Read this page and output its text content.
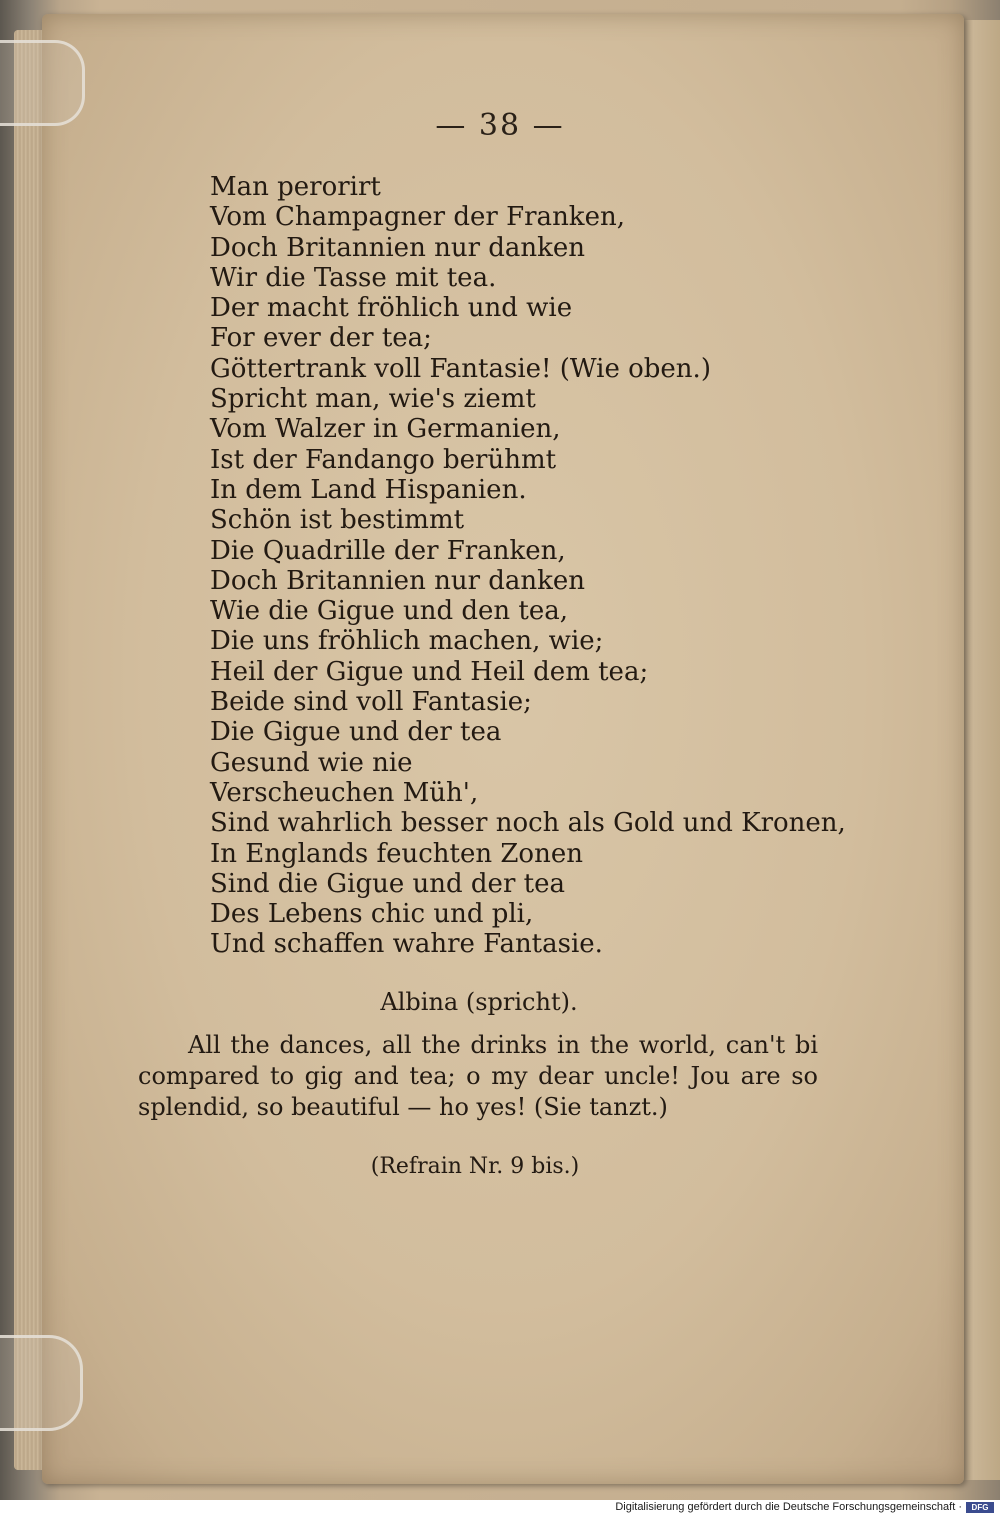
— 38 —
Man perorirt
Vom Champagner der Franken,
Doch Britannien nur danken
Wir die Tasse mit tea.
Der macht fröhlich und wie
For ever der tea;
Göttertrank voll Fantasie! (Wie oben.)
Spricht man, wie's ziemt
Vom Walzer in Germanien,
Ist der Fandango berühmt
In dem Land Hispanien.
Schön ist bestimmt
Die Quadrille der Franken,
Doch Britannien nur danken
Wie die Gigue und den tea,
Die uns fröhlich machen, wie;
Heil der Gigue und Heil dem tea;
Beide sind voll Fantasie;
Die Gigue und der tea
Gesund wie nie
Verscheuchen Müh',
Sind wahrlich besser noch als Gold und Kronen,
In Englands feuchten Zonen
Sind die Gigue und der tea
Des Lebens chic und pli,
Und schaffen wahre Fantasie.
Albina (spricht).

All the dances, all the drinks in the world, can't bi compared to gig and tea; o my dear uncle! Jou are so splendid, so beautiful — ho yes! (Sie tanzt.)

(Refrain Nr. 9 bis.)
Digitalisierung gefördert durch die Deutsche Forschungsgemeinschaft ·	DFG
